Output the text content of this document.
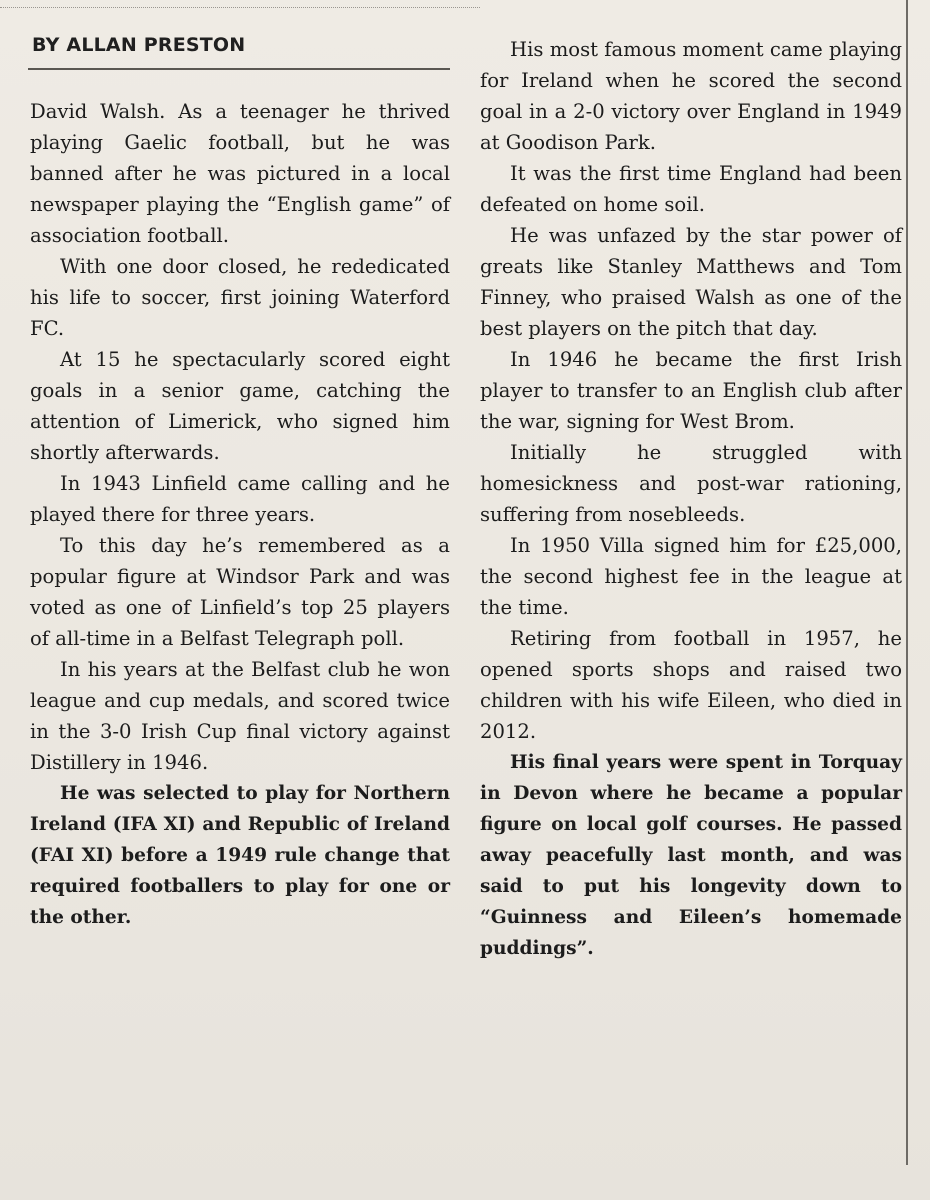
BY ALLAN PRESTON

David Walsh. As a teenager he thrived playing Gaelic football, but he was banned after he was pictured in a local newspaper playing the “English game” of association football.

With one door closed, he rededicated his life to soccer, first joining Waterford FC.

At 15 he spectacularly scored eight goals in a senior game, catching the attention of Limerick, who signed him shortly afterwards.

In 1943 Linfield came calling and he played there for three years.

To this day he’s remembered as a popular figure at Windsor Park and was voted as one of Linfield’s top 25 players of all-time in a Belfast Telegraph poll.

In his years at the Belfast club he won league and cup medals, and scored twice in the 3-0 Irish Cup final victory against Distillery in 1946.

He was selected to play for Northern Ireland (IFA XI) and Republic of Ireland (FAI XI) before a 1949 rule change that required footballers to play for one or the other.

His most famous moment came playing for Ireland when he scored the second goal in a 2-0 victory over England in 1949 at Goodison Park.

It was the first time England had been defeated on home soil.

He was unfazed by the star power of greats like Stanley Matthews and Tom Finney, who praised Walsh as one of the best players on the pitch that day.

In 1946 he became the first Irish player to transfer to an English club after the war, signing for West Brom.

Initially he struggled with homesickness and post-war rationing, suffering from nosebleeds.

In 1950 Villa signed him for £25,000, the second highest fee in the league at the time.

Retiring from football in 1957, he opened sports shops and raised two children with his wife Eileen, who died in 2012.

His final years were spent in Torquay in Devon where he became a popular figure on local golf courses. He passed away peacefully last month, and was said to put his longevity down to “Guinness and Eileen’s homemade puddings”.
